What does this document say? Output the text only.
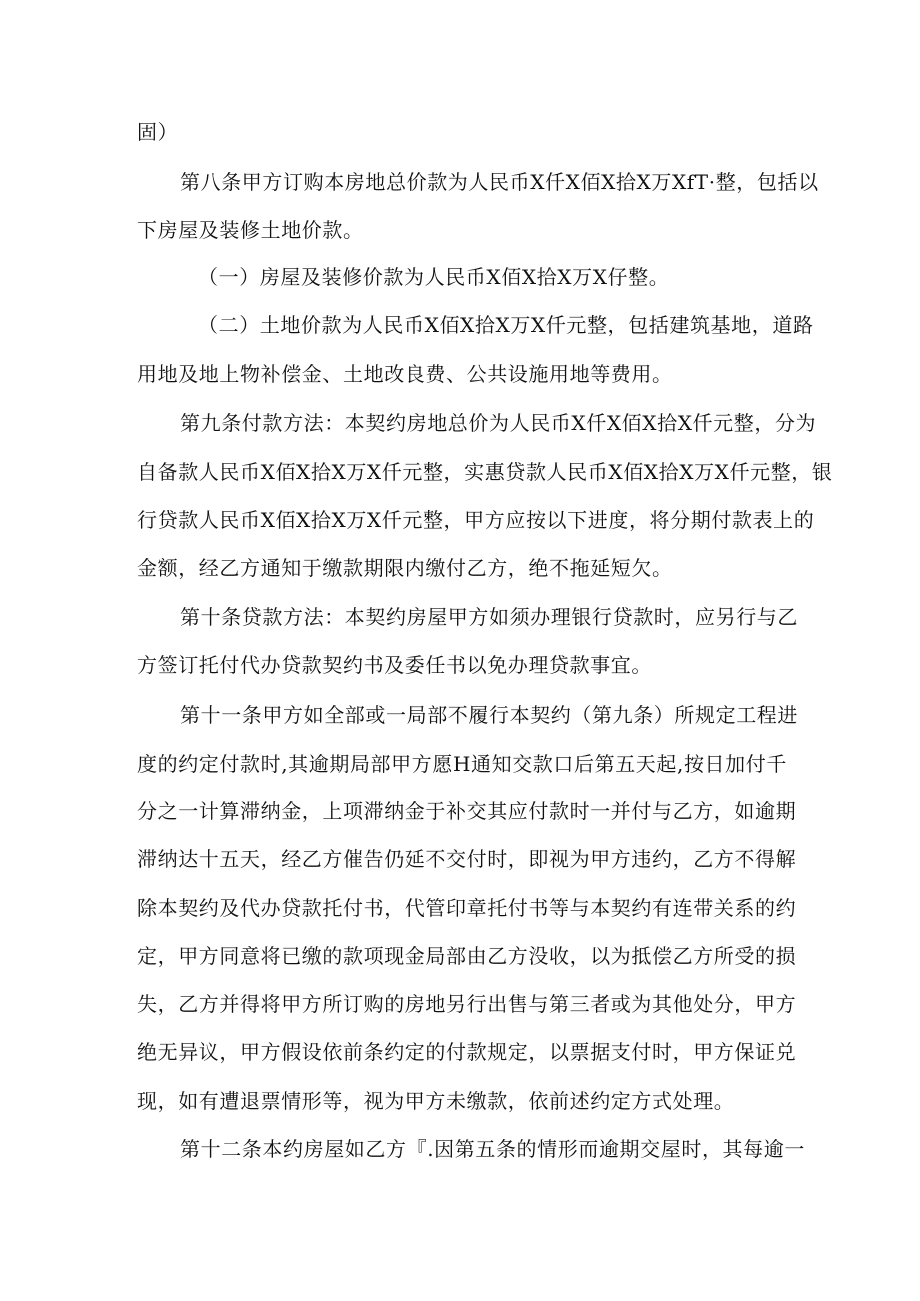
固）
第八条甲方订购本房地总价款为人民币X仟X佰X拾X万XfT·整，包括以
下房屋及装修土地价款。
（一）房屋及装修价款为人民币X佰X拾X万X仔整。
（二）土地价款为人民币X佰X拾X万X仟元整，包括建筑基地，道路
用地及地上物补偿金、土地改良费、公共设施用地等费用。
第九条付款方法：本契约房地总价为人民币X仟X佰X拾X仟元整，分为
自备款人民币X佰X拾X万X仟元整，实惠贷款人民币X佰X拾X万X仟元整，银
行贷款人民币X佰X拾X万X仟元整，甲方应按以下进度，将分期付款表上的
金额，经乙方通知于缴款期限内缴付乙方，绝不拖延短欠。
第十条贷款方法：本契约房屋甲方如须办理银行贷款时，应另行与乙
方签订托付代办贷款契约书及委任书以免办理贷款事宜。
第十一条甲方如全部或一局部不履行本契约（第九条）所规定工程进
度的约定付款时,其逾期局部甲方愿H通知交款口后第五天起,按日加付千
分之一计算滞纳金，上项滞纳金于补交其应付款时一并付与乙方，如逾期
滞纳达十五天，经乙方催告仍延不交付时，即视为甲方违约，乙方不得解
除本契约及代办贷款托付书，代管印章托付书等与本契约有连带关系的约
定，甲方同意将已缴的款项现金局部由乙方没收，以为抵偿乙方所受的损
失，乙方并得将甲方所订购的房地另行出售与第三者或为其他处分，甲方
绝无异议，甲方假设依前条约定的付款规定，以票据支付时，甲方保证兑
现，如有遭退票情形等，视为甲方未缴款，依前述约定方式处理。
第十二条本约房屋如乙方『.因第五条的情形而逾期交屋时，其每逾一
